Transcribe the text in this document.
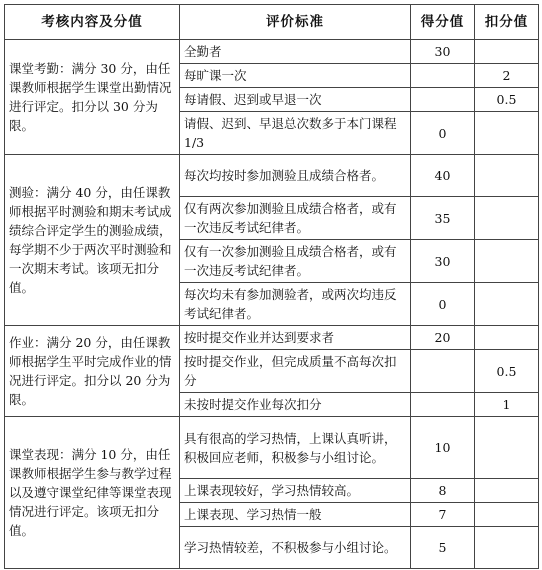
考核内容及分值	评价标准	得分值	扣分值
课堂考勤：满分 30 分，由任课教师根据学生课堂出勤情况进行评定。扣分以 30 分为限。	全勤者	30	
	每旷课一次		2
	每请假、迟到或早退一次		0.5
	请假、迟到、早退总次数多于本门课程 1/3	0	
测验：满分 40 分，由任课教师根据平时测验和期末考试成绩综合评定学生的测验成绩，每学期不少于两次平时测验和一次期末考试。该项无扣分值。	每次均按时参加测验且成绩合格者。	40	
	仅有两次参加测验且成绩合格者，或有一次违反考试纪律者。	35	
	仅有一次参加测验且成绩合格者，或有一次违反考试纪律者。	30	
	每次均未有参加测验者，或两次均违反考试纪律者。	0	
作业：满分 20 分，由任课教师根据学生平时完成作业的情况进行评定。扣分以 20 分为限。	按时提交作业并达到要求者	20	
	按时提交作业，但完成质量不高每次扣分		0.5
	未按时提交作业每次扣分		1
课堂表现：满分 10 分，由任课教师根据学生参与教学过程以及遵守课堂纪律等课堂表现情况进行评定。该项无扣分值。	具有很高的学习热情，上课认真听讲，积极回应老师，积极参与小组讨论。	10	
	上课表现较好，学习热情较高。	8	
	上课表现、学习热情一般	7	
	学习热情较差，不积极参与小组讨论。	5	
